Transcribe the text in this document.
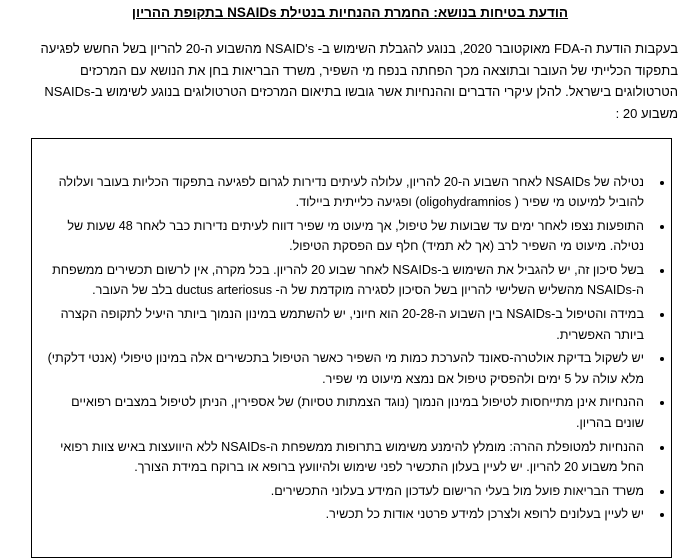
הודעת בטיחות בנושא: החמרת ההנחיות בנטילת NSAIDs בתקופת ההריון
בעקבות הודעת ה-FDA מאוקטובר 2020, בנוגע להגבלת השימוש ב- NSAID's מהשבוע ה-20 להריון בשל החשש לפגיעה בתפקוד הכלייתי של העובר ובתוצאה מכך הפחתה בנפח מי השפיר, משרד הבריאות בחן את הנושא עם המרכזים הטרטולוגים בישראל. להלן עיקרי הדברים וההנחיות אשר גובשו בתיאום המרכזים הטרטולוגים בנוגע לשימוש ב-NSAIDs משבוע 20 :
נטילה של NSAIDs לאחר השבוע ה-20 להריון, עלולה לעיתים נדירות לגרום לפגיעה בתפקוד הכליות בעובר ועלולה להוביל למיעוט מי שפיר ( oligohydramnios) ופגיעה כלייתית ביילוד.
התופעות נצפו לאחר ימים עד שבועות של טיפול, אך מיעוט מי שפיר דווח לעיתים נדירות כבר לאחר 48 שעות של נטילה. מיעוט מי השפיר לרב (אך לא תמיד) חלף עם הפסקת הטיפול.
בשל סיכון זה, יש להגביל את השימוש ב-NSAIDs לאחר שבוע 20 להריון. בכל מקרה, אין לרשום תכשירים ממשפחת ה-NSAIDs מהשליש השלישי להריון בשל הסיכון לסגירה מוקדמת של ה- ductus arteriosus בלב של העובר.
במידה והטיפול ב-NSAIDs בין השבוע ה-20-28 הוא חיוני, יש להשתמש במינון הנמוך ביותר היעיל לתקופה הקצרה ביותר האפשרית.
יש לשקול בדיקת אולטרה-סאונד להערכת כמות מי השפיר כאשר הטיפול בתכשירים אלה במינון טיפולי (אנטי דלקתי) מלא עולה על 5 ימים ולהפסיק טיפול אם נמצא מיעוט מי שפיר.
ההנחיות אינן מתייחסות לטיפול במינון הנמוך (נוגד הצמתות טסיות) של אספירין, הניתן לטיפול במצבים רפואיים שונים בהריון.
ההנחיות למטופלת ההרה: מומלץ להימנע משימוש בתרופות ממשפחת ה-NSAIDs ללא היוועצות באיש צוות רפואי החל משבוע 20 להריון. יש לעיין בעלון התכשיר לפני שימוש ולהיוועץ ברופא או ברוקח במידת הצורך.
משרד הבריאות פועל מול בעלי הרישום לעדכון המידע בעלוני התכשירים.
יש לעיין בעלונים לרופא ולצרכן למידע פרטני אודות כל תכשיר.
